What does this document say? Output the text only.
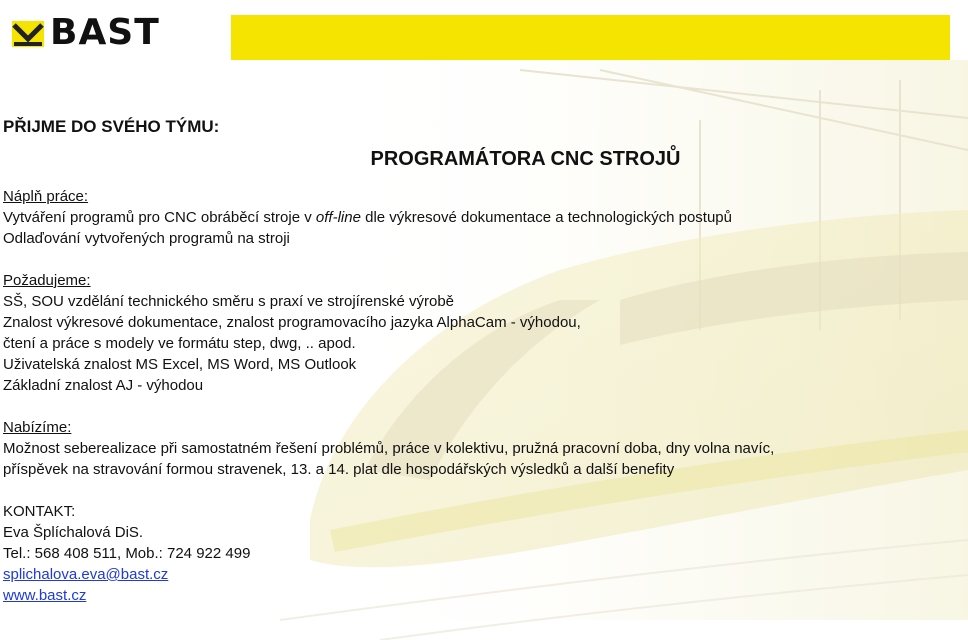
BAST

PŘIJME DO SVÉHO TÝMU:

PROGRAMÁTORA CNC STROJŮ

Náplň práce:

Vytváření programů pro CNC obráběcí stroje v off-line dle výkresové dokumentace a technologických postupů

Odlaďování vytvořených programů na stroji

Požadujeme:

SŠ, SOU vzdělání technického směru s praxí ve strojírenské výrobě

Znalost výkresové dokumentace, znalost programovacího jazyka AlphaCam - výhodou,

čtení a práce s modely ve formátu step, dwg, .. apod.

Uživatelská znalost MS Excel, MS Word, MS Outlook

Základní znalost AJ - výhodou

Nabízíme:

Možnost seberealizace při samostatném řešení problémů, práce v kolektivu, pružná pracovní doba, dny volna navíc,

příspěvek na stravování formou stravenek, 13. a 14. plat dle hospodářských výsledků a další benefity

KONTAKT:

Eva Šplíchalová DiS.

Tel.: 568 408 511, Mob.: 724 922 499

splichalova.eva@bast.cz

www.bast.cz
